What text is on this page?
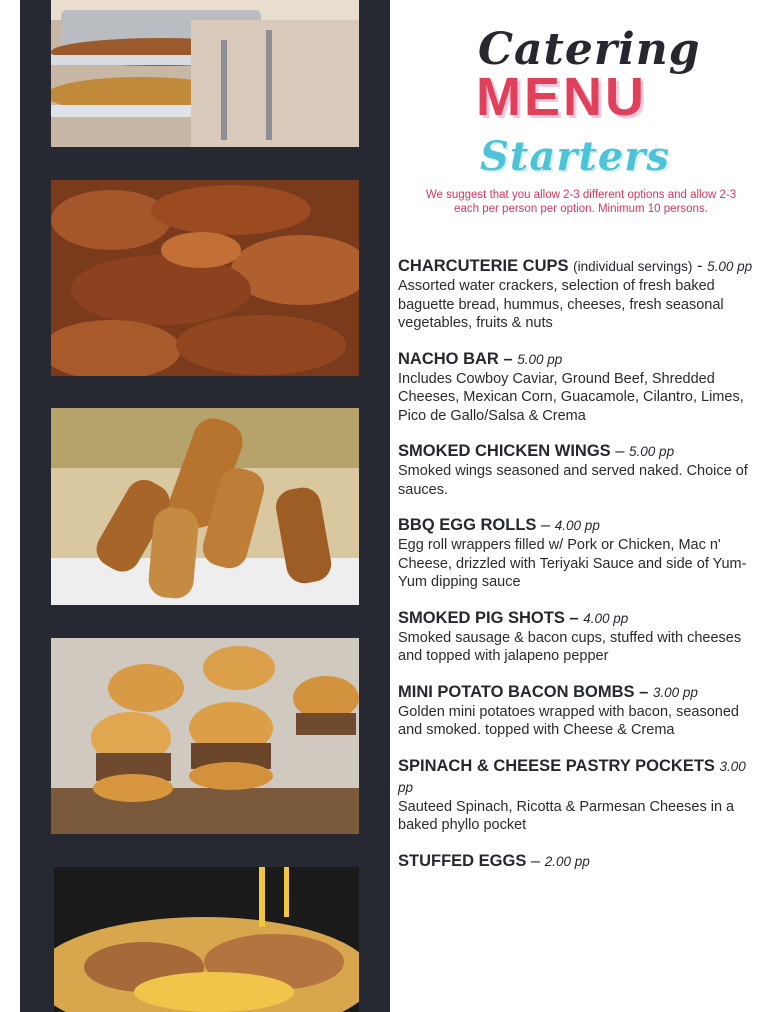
Catering
MENU
Starters
We suggest that you allow 2-3 different options and allow 2-3 each per person per option. Minimum 10 persons.
CHARCUTERIE CUPS (individual servings) - 5.00 pp
Assorted water crackers, selection of fresh baked baguette bread, hummus, cheeses, fresh seasonal vegetables, fruits & nuts
NACHO BAR – 5.00 pp
Includes Cowboy Caviar, Ground Beef, Shredded Cheeses, Mexican Corn, Guacamole, Cilantro, Limes, Pico de Gallo/Salsa & Crema
SMOKED CHICKEN WINGS – 5.00 pp
Smoked wings seasoned and served naked. Choice of sauces.
BBQ EGG ROLLS – 4.00 pp
Egg roll wrappers filled w/ Pork or Chicken, Mac n' Cheese, drizzled with Teriyaki Sauce and side of Yum-Yum dipping sauce
SMOKED PIG SHOTS – 4.00 pp
Smoked sausage & bacon cups, stuffed with cheeses and topped with jalapeno pepper
MINI POTATO BACON BOMBS – 3.00 pp
Golden mini potatoes wrapped with bacon, seasoned and smoked. topped with Cheese & Crema
SPINACH & CHEESE PASTRY POCKETS 3.00 pp
Sauteed Spinach, Ricotta & Parmesan Cheeses in a baked phyllo pocket
STUFFED EGGS – 2.00 pp
